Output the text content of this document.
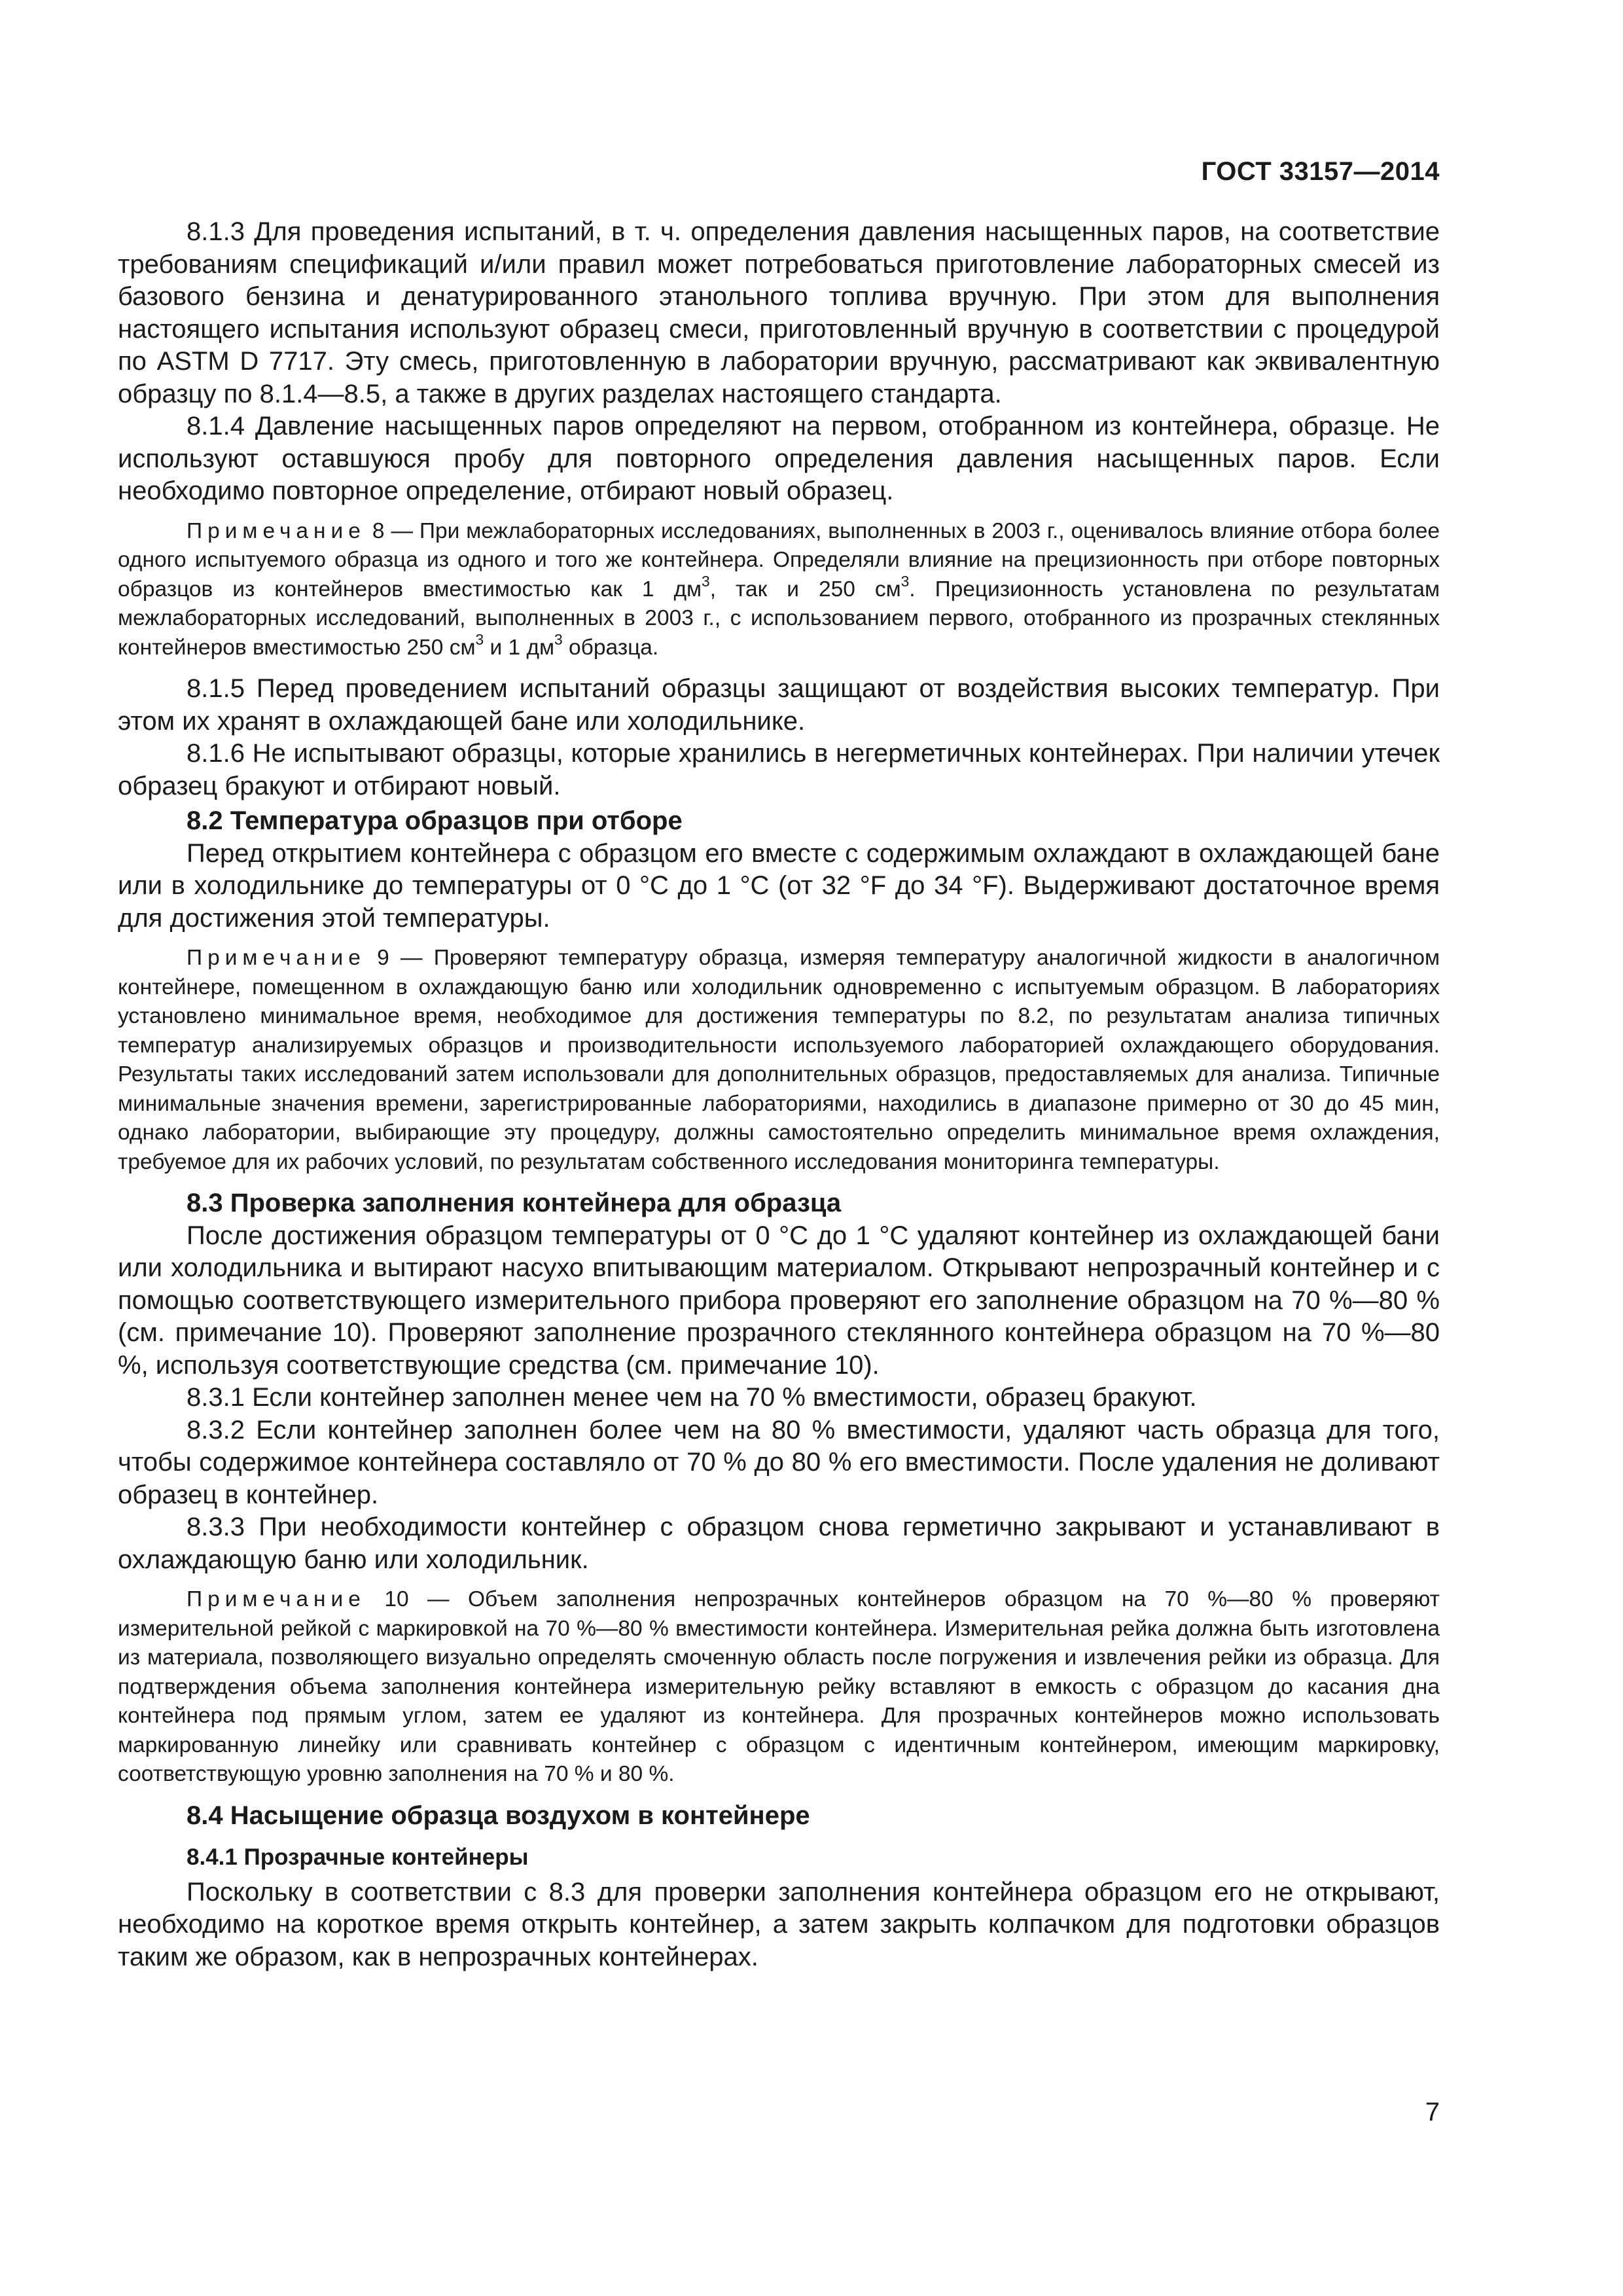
ГОСТ 33157—2014

8.1.3 Для проведения испытаний, в т. ч. определения давления насыщенных паров, на соответствие требованиям спецификаций и/или правил может потребоваться приготовление лабораторных смесей из базового бензина и денатурированного этанольного топлива вручную. При этом для выполнения настоящего испытания используют образец смеси, приготовленный вручную в соответствии с процедурой по ASTM D 7717. Эту смесь, приготовленную в лаборатории вручную, рассматривают как эквивалентную образцу по 8.1.4—8.5, а также в других разделах настоящего стандарта.

8.1.4 Давление насыщенных паров определяют на первом, отобранном из контейнера, образце. Не используют оставшуюся пробу для повторного определения давления насыщенных паров. Если необходимо повторное определение, отбирают новый образец.

Примечание 8 — При межлабораторных исследованиях, выполненных в 2003 г., оценивалось влияние отбора более одного испытуемого образца из одного и того же контейнера. Определяли влияние на прецизионность при отборе повторных образцов из контейнеров вместимостью как 1 $дм^3$, так и 250 $см^3$. Прецизионность установлена по результатам межлабораторных исследований, выполненных в 2003 г., с использованием первого, отобранного из прозрачных стеклянных контейнеров вместимостью 250 $см^3$ и 1 $дм^3$ образца.

8.1.5 Перед проведением испытаний образцы защищают от воздействия высоких температур. При этом их хранят в охлаждающей бане или холодильнике.

8.1.6 Не испытывают образцы, которые хранились в негерметичных контейнерах. При наличии утечек образец бракуют и отбирают новый.

8.2 Температура образцов при отборе

Перед открытием контейнера с образцом его вместе с содержимым охлаждают в охлаждающей бане или в холодильнике до температуры от 0 °С до 1 °С (от 32 °F до 34 °F). Выдерживают достаточное время для достижения этой температуры.

Примечание 9 — Проверяют температуру образца, измеряя температуру аналогичной жидкости в аналогичном контейнере, помещенном в охлаждающую баню или холодильник одновременно с испытуемым образцом. В лабораториях установлено минимальное время, необходимое для достижения температуры по 8.2, по результатам анализа типичных температур анализируемых образцов и производительности используемого лабораторией охлаждающего оборудования. Результаты таких исследований затем использовали для дополнительных образцов, предоставляемых для анализа. Типичные минимальные значения времени, зарегистрированные лабораториями, находились в диапазоне примерно от 30 до 45 мин, однако лаборатории, выбирающие эту процедуру, должны самостоятельно определить минимальное время охлаждения, требуемое для их рабочих условий, по результатам собственного исследования мониторинга температуры.

8.3 Проверка заполнения контейнера для образца

После достижения образцом температуры от 0 °С до 1 °С удаляют контейнер из охлаждающей бани или холодильника и вытирают насухо впитывающим материалом. Открывают непрозрачный контейнер и с помощью соответствующего измерительного прибора проверяют его заполнение образцом на 70 %—80 % (см. примечание 10). Проверяют заполнение прозрачного стеклянного контейнера образцом на 70 %—80 %, используя соответствующие средства (см. примечание 10).

8.3.1 Если контейнер заполнен менее чем на 70 % вместимости, образец бракуют.

8.3.2 Если контейнер заполнен более чем на 80 % вместимости, удаляют часть образца для того, чтобы содержимое контейнера составляло от 70 % до 80 % его вместимости. После удаления не доливают образец в контейнер.

8.3.3 При необходимости контейнер с образцом снова герметично закрывают и устанавливают в охлаждающую баню или холодильник.

Примечание 10 — Объем заполнения непрозрачных контейнеров образцом на 70 %—80 % проверяют измерительной рейкой с маркировкой на 70 %—80 % вместимости контейнера. Измерительная рейка должна быть изготовлена из материала, позволяющего визуально определять смоченную область после погружения и извлечения рейки из образца. Для подтверждения объема заполнения контейнера измерительную рейку вставляют в емкость с образцом до касания дна контейнера под прямым углом, затем ее удаляют из контейнера. Для прозрачных контейнеров можно использовать маркированную линейку или сравнивать контейнер с образцом с идентичным контейнером, имеющим маркировку, соответствующую уровню заполнения на 70 % и 80 %.

8.4 Насыщение образца воздухом в контейнере

8.4.1 Прозрачные контейнеры

Поскольку в соответствии с 8.3 для проверки заполнения контейнера образцом его не открывают, необходимо на короткое время открыть контейнер, а затем закрыть колпачком для подготовки образцов таким же образом, как в непрозрачных контейнерах.

7
